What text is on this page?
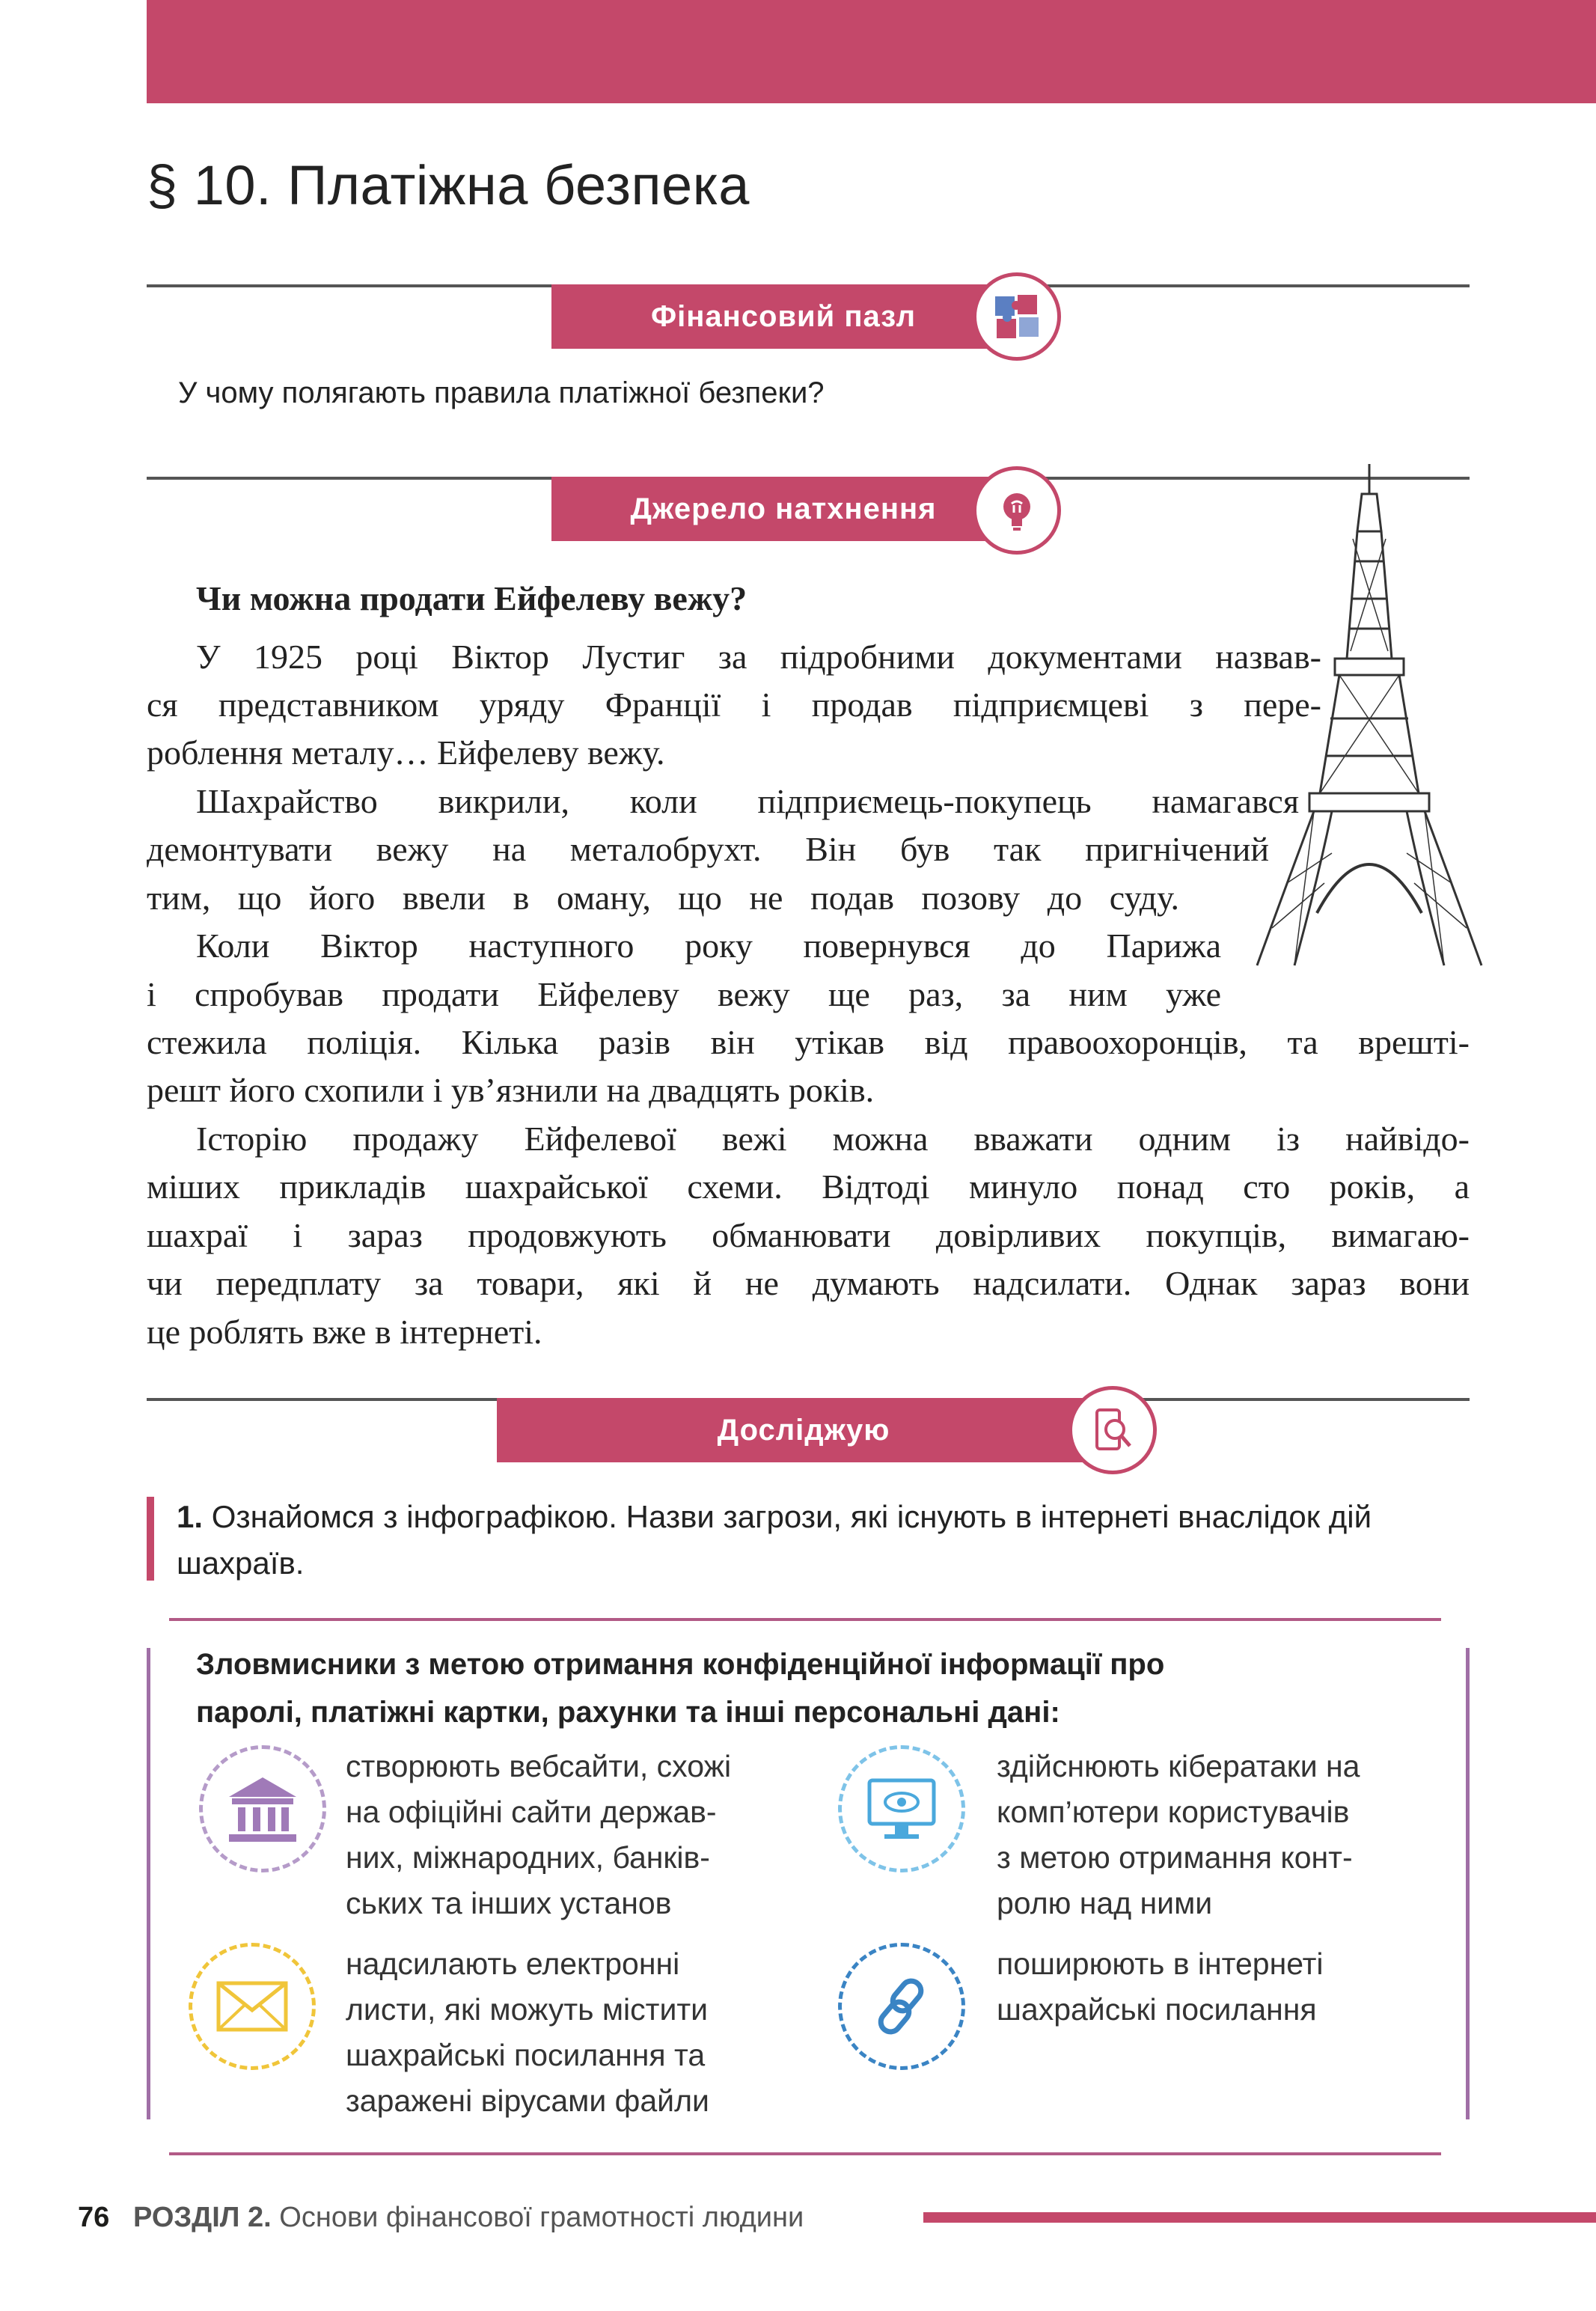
§ 10. Платіжна безпека
Фінансовий пазл
У чому полягають правила платіжної безпеки?
Джерело натхнення
Чи можна продати Ейфелеву вежу?
У 1925 році Віктор Лустиг за підробними документами назвав-
ся представником уряду Франції і продав підприємцеві з пере-
роблення металу… Ейфелеву вежу.
Шахрайство викрили, коли підприємець-покупець намагався
демонтувати вежу на металобрухт. Він був так пригнічений
тим, що його ввели в оману, що не подав позову до суду.
Коли Віктор наступного року повернувся до Парижа
і спробував продати Ейфелеву вежу ще раз, за ним уже
стежила поліція. Кілька разів він утікав від правоохоронців, та врешті-
решт його схопили і ув’язнили на двадцять років.
Історію продажу Ейфелевої вежі можна вважати одним із найвідо-
міших прикладів шахрайської схеми. Відтоді минуло понад сто років, а
шахраї і зараз продовжують обманювати довірливих покупців, вимагаю-
чи передплату за товари, які й не думають надсилати. Однак зараз вони
це роблять вже в інтернеті.
Досліджую
1. Ознайомся з інфографікою. Назви загрози, які існують в інтернеті внаслідок дій шахраїв.
Зловмисники з метою отримання конфіденційної інформації про
паролі, платіжні картки, рахунки та інші персональні дані:
створюють вебсайти, схожі
на офіційні сайти держав-
них, міжнародних, банків-
ських та інших установ
здійснюють кібератаки на
комп’ютери користувачів
з метою отримання конт-
ролю над ними
надсилають електронні
листи, які можуть містити
шахрайські посилання та
заражені вірусами файли
поширюють в інтернеті
шахрайські посилання
76 РОЗДІЛ 2. Основи фінансової грамотності людини
